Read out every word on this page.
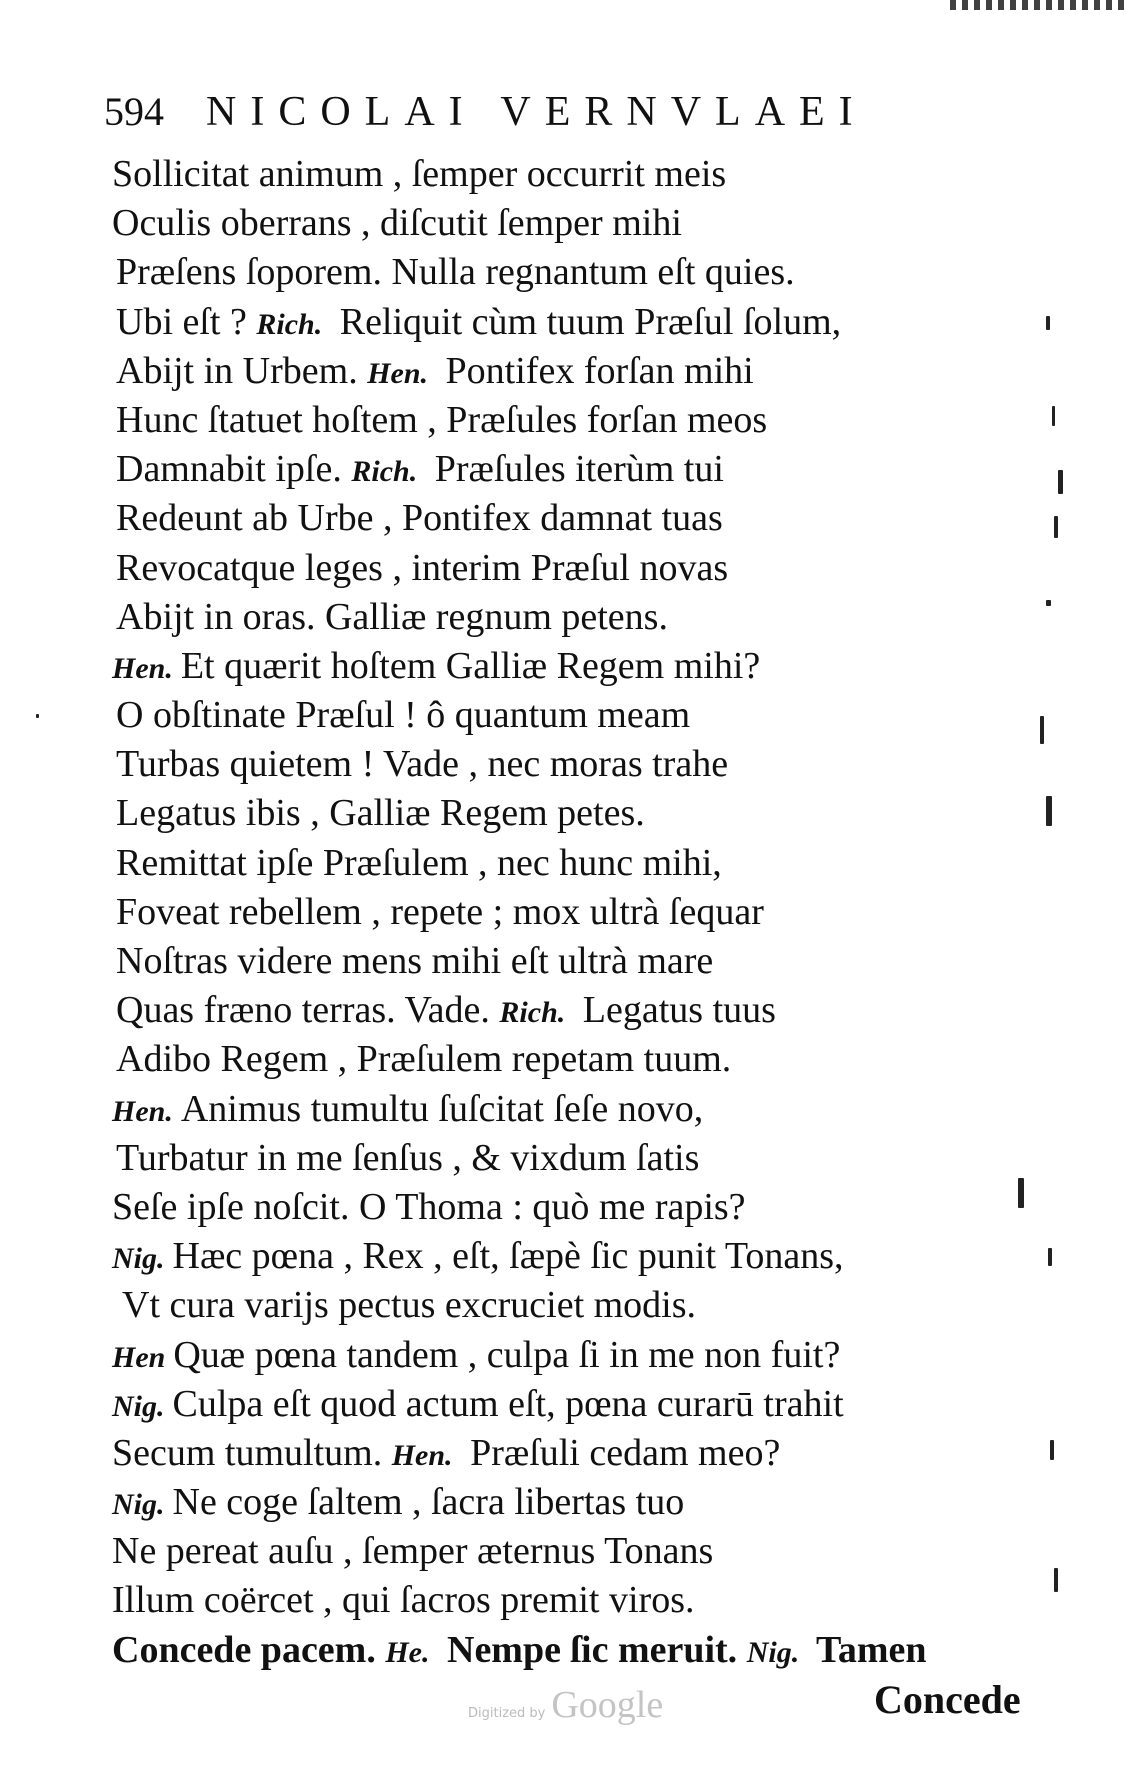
594 NICOLAI VERNVLAEI
Sollicitat animum , ſemper occurrit meis
Oculis oberrans , diſcutit ſemper mihi
Præſens ſoporem. Nulla regnantum eſt quies.
Ubi eſt ? Rich. Reliquit cùm tuum Præſul ſolum,
Abijt in Urbem. Hen. Pontifex forſan mihi
Hunc ſtatuet hoſtem , Præſules forſan meos
Damnabit ipſe. Rich. Præſules iterùm tui
Redeunt ab Urbe , Pontifex damnat tuas
Revocatque leges , interim Præſul novas
Abijt in oras. Galliæ regnum petens.
Hen. Et quærit hoſtem Galliæ Regem mihi?
O obſtinate Præſul ! ô quantum meam
Turbas quietem ! Vade , nec moras trahe
Legatus ibis , Galliæ Regem petes.
Remittat ipſe Præſulem , nec hunc mihi,
Foveat rebellem , repete ; mox ultrà ſequar
Noſtras videre mens mihi eſt ultrà mare
Quas fræno terras. Vade. Rich. Legatus tuus
Adibo Regem , Præſulem repetam tuum.
Hen. Animus tumultu ſuſcitat ſeſe novo,
Turbatur in me ſenſus , & vixdum ſatis
Seſe ipſe noſcit. O Thoma : quò me rapis?
Nig. Hæc pœna , Rex , eſt, ſæpè ſic punit Tonans,
Vt cura varijs pectus excruciet modis.
Hen Quæ pœna tandem , culpa ſi in me non fuit?
Nig. Culpa eſt quod actum eſt, pœna curarū trahit
Secum tumultum. Hen. Præſuli cedam meo?
Nig. Ne coge ſaltem , ſacra libertas tuo
Ne pereat auſu , ſemper æternus Tonans
Illum coërcet , qui ſacros premit viros.
Concede pacem. He. Nempe ſic meruit. Nig. Tamen
Concede
Digitized by Google
